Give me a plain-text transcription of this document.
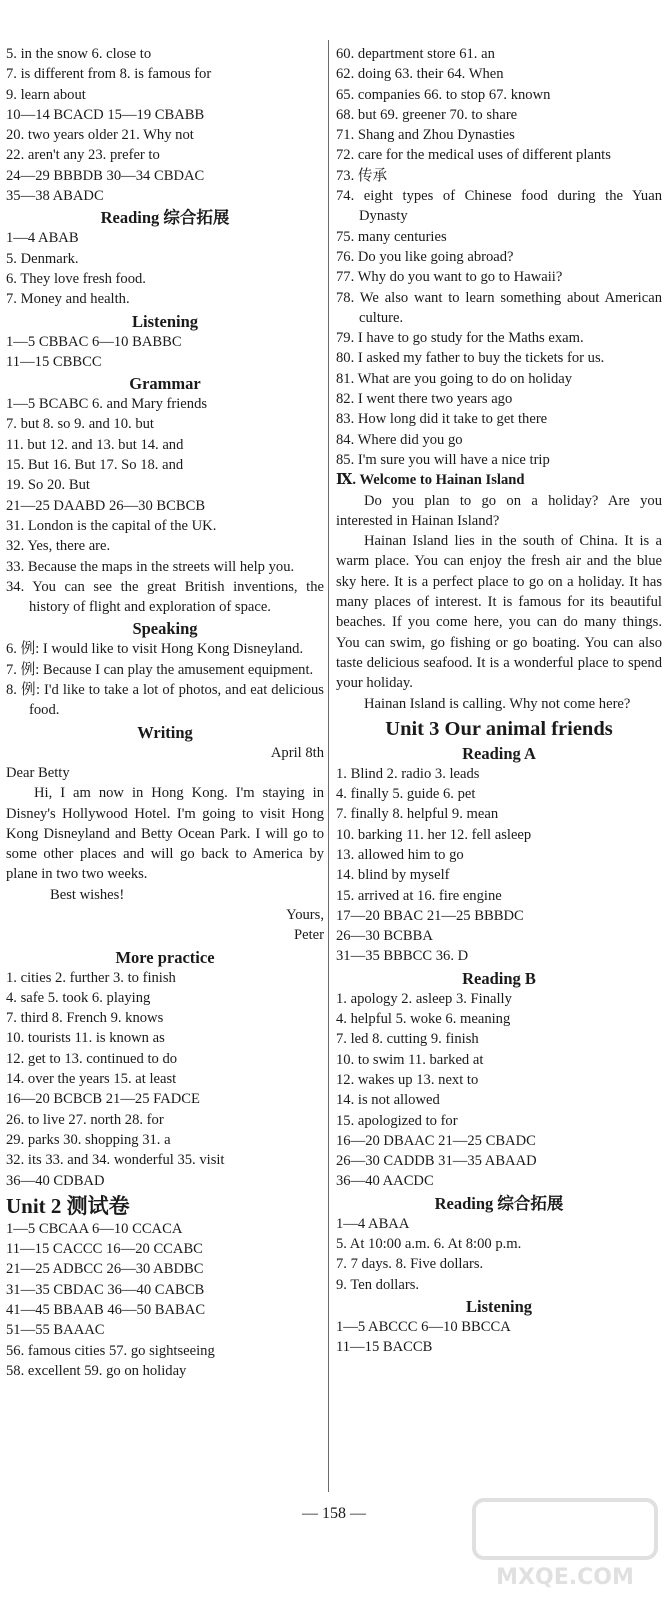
5. in the snow 6. close to
7. is different from 8. is famous for
9. learn about
10—14 BCACD 15—19 CBABB
20. two years older 21. Why not
22. aren't any 23. prefer to
24—29 BBBDB 30—34 CBDAC
35—38 ABADC
Reading 综合拓展
1—4 ABAB
5. Denmark.
6. They love fresh food.
7. Money and health.
Listening
1—5 CBBAC 6—10 BABBC
11—15 CBBCC
Grammar
1—5 BCABC 6. and Mary friends
7. but 8. so 9. and 10. but
11. but 12. and 13. but 14. and
15. But 16. But 17. So 18. and
19. So 20. But
21—25 DAABD 26—30 BCBCB
31. London is the capital of the UK.
32. Yes, there are.
33. Because the maps in the streets will help you.
34. You can see the great British inventions, the history of flight and exploration of space.
Speaking
6. 例: I would like to visit Hong Kong Disneyland.
7. 例: Because I can play the amusement equipment.
8. 例: I'd like to take a lot of photos, and eat delicious food.
Writing
April 8th
Dear Betty
Hi, I am now in Hong Kong. I'm staying in Disney's Hollywood Hotel. I'm going to visit Hong Kong Disneyland and Betty Ocean Park. I will go to some other places and will go back to America by plane in two two weeks.
Best wishes!
Yours,
Peter
More practice
1. cities 2. further 3. to finish
4. safe 5. took 6. playing
7. third 8. French 9. knows
10. tourists 11. is known as
12. get to 13. continued to do
14. over the years 15. at least
16—20 BCBCB 21—25 FADCE
26. to live 27. north 28. for
29. parks 30. shopping 31. a
32. its 33. and 34. wonderful 35. visit
36—40 CDBAD
Unit 2 测试卷
1—5 CBCAA 6—10 CCACA
11—15 CACCC 16—20 CCABC
21—25 ADBCC 26—30 ABDBC
31—35 CBDAC 36—40 CABCB
41—45 BBAAB 46—50 BABAC
51—55 BAAAC
56. famous cities 57. go sightseeing
58. excellent 59. go on holiday
60. department store 61. an
62. doing 63. their 64. When
65. companies 66. to stop 67. known
68. but 69. greener 70. to share
71. Shang and Zhou Dynasties
72. care for the medical uses of different plants
73. 传承
74. eight types of Chinese food during the Yuan Dynasty
75. many centuries
76. Do you like going abroad?
77. Why do you want to go to Hawaii?
78. We also want to learn something about American culture.
79. I have to go study for the Maths exam.
80. I asked my father to buy the tickets for us.
81. What are you going to do on holiday
82. I went there two years ago
83. How long did it take to get there
84. Where did you go
85. I'm sure you will have a nice trip
Ⅸ. Welcome to Hainan Island
Do you plan to go on a holiday? Are you interested in Hainan Island?
Hainan Island lies in the south of China. It is a warm place. You can enjoy the fresh air and the blue sky here. It is a perfect place to go on a holiday. It has many places of interest. It is famous for its beautiful beaches. If you come here, you can do many things. You can swim, go fishing or go boating. You can also taste delicious seafood. It is a wonderful place to spend your holiday.
Hainan Island is calling. Why not come here?
Unit 3 Our animal friends
Reading A
1. Blind 2. radio 3. leads
4. finally 5. guide 6. pet
7. finally 8. helpful 9. mean
10. barking 11. her 12. fell asleep
13. allowed him to go
14. blind by myself
15. arrived at 16. fire engine
17—20 BBAC 21—25 BBBDC
26—30 BCBBA
31—35 BBBCC 36. D
Reading B
1. apology 2. asleep 3. Finally
4. helpful 5. woke 6. meaning
7. led 8. cutting 9. finish
10. to swim 11. barked at
12. wakes up 13. next to
14. is not allowed
15. apologized to for
16—20 DBAAC 21—25 CBADC
26—30 CADDB 31—35 ABAAD
36—40 AACDC
Reading 综合拓展
1—4 ABAA
5. At 10:00 a.m. 6. At 8:00 p.m.
7. 7 days. 8. Five dollars.
9. Ten dollars.
Listening
1—5 ABCCC 6—10 BBCCA
11—15 BACCB
— 158 —
MXQE.COM
